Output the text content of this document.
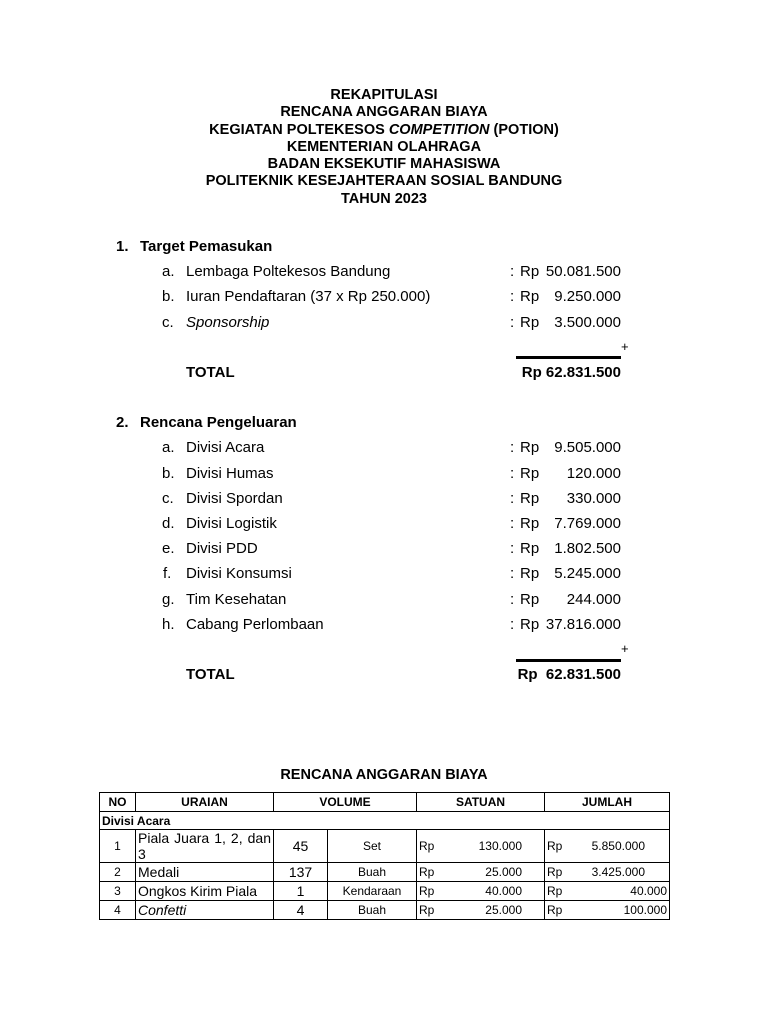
REKAPITULASI
RENCANA ANGGARAN BIAYA
KEGIATAN POLTEKESOS COMPETITION (POTION)
KEMENTERIAN OLAHRAGA
BADAN EKSEKUTIF MAHASISWA
POLITEKNIK KESEJAHTERAAN SOSIAL BANDUNG
TAHUN 2023
1. Target Pemasukan
a. Lembaga Poltekesos Bandung	: Rp 50.081.500
b. Iuran Pendaftaran (37 x Rp 250.000)	: Rp 9.250.000
c. Sponsorship	: Rp 3.500.000
+
TOTAL	Rp 62.831.500
2. Rencana Pengeluaran
a. Divisi Acara	: Rp 9.505.000
b. Divisi Humas	: Rp 120.000
c. Divisi Spordan	: Rp 330.000
d. Divisi Logistik	: Rp 7.769.000
e. Divisi PDD	: Rp 1.802.500
f. Divisi Konsumsi	: Rp 5.245.000
g. Tim Kesehatan	: Rp 244.000
h. Cabang Perlombaan	: Rp 37.816.000
+
TOTAL	Rp  62.831.500
RENCANA ANGGARAN BIAYA
NO	URAIAN	VOLUME		SATUAN	JUMLAH
Divisi Acara					
1	Piala Juara 1, 2, dan 3	45	Set	Rp 130.000	Rp 5.850.000

2	Medali	137	Buah	Rp 25.000	Rp 3.425.000

3	Ongkos Kirim Piala	1	Kendaraan	Rp 40.000	Rp 40.000

4	Confetti	4	Buah	Rp 25.000	Rp 100.000
